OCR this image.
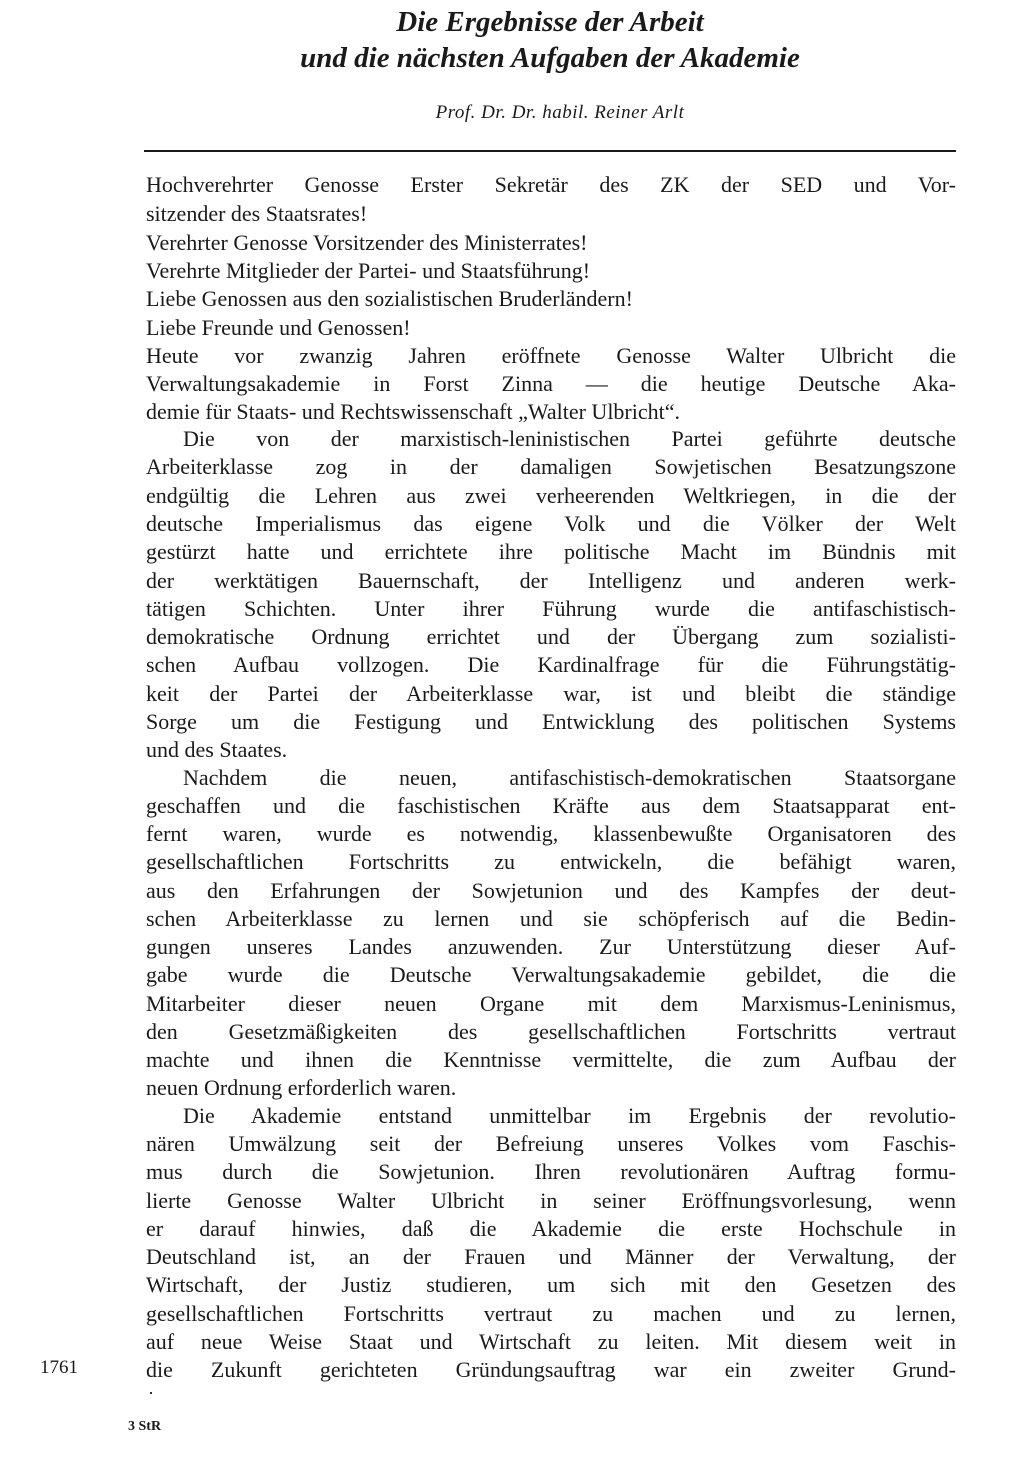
Die Ergebnisse der Arbeit
und die nächsten Aufgaben der Akademie
Prof. Dr. Dr. habil. Reiner Arlt

Hochverehrter Genosse Erster Sekretär des ZK der SED und Vor-

sitzender des Staatsrates!

Verehrter Genosse Vorsitzender des Ministerrates!

Verehrte Mitglieder der Partei- und Staatsführung!

Liebe Genossen aus den sozialistischen Bruderländern!

Liebe Freunde und Genossen!

Heute vor zwanzig Jahren eröffnete Genosse Walter Ulbricht die

Verwaltungsakademie in Forst Zinna — die heutige Deutsche Aka-

demie für Staats- und Rechtswissenschaft „Walter Ulbricht“.

Die von der marxistisch-leninistischen Partei geführte deutsche

Arbeiterklasse zog in der damaligen Sowjetischen Besatzungszone

endgültig die Lehren aus zwei verheerenden Weltkriegen, in die der

deutsche Imperialismus das eigene Volk und die Völker der Welt

gestürzt hatte und errichtete ihre politische Macht im Bündnis mit

der werktätigen Bauernschaft, der Intelligenz und anderen werk-

tätigen Schichten. Unter ihrer Führung wurde die antifaschistisch-

demokratische Ordnung errichtet und der Übergang zum sozialisti-

schen Aufbau vollzogen. Die Kardinalfrage für die Führungstätig-

keit der Partei der Arbeiterklasse war, ist und bleibt die ständige

Sorge um die Festigung und Entwicklung des politischen Systems

und des Staates.

Nachdem die neuen, antifaschistisch-demokratischen Staatsorgane

geschaffen und die faschistischen Kräfte aus dem Staatsapparat ent-

fernt waren, wurde es notwendig, klassenbewußte Organisatoren des

gesellschaftlichen Fortschritts zu entwickeln, die befähigt waren,

aus den Erfahrungen der Sowjetunion und des Kampfes der deut-

schen Arbeiterklasse zu lernen und sie schöpferisch auf die Bedin-

gungen unseres Landes anzuwenden. Zur Unterstützung dieser Auf-

gabe wurde die Deutsche Verwaltungsakademie gebildet, die die

Mitarbeiter dieser neuen Organe mit dem Marxismus-Leninismus,

den Gesetzmäßigkeiten des gesellschaftlichen Fortschritts vertraut

machte und ihnen die Kenntnisse vermittelte, die zum Aufbau der

neuen Ordnung erforderlich waren.

Die Akademie entstand unmittelbar im Ergebnis der revolutio-

nären Umwälzung seit der Befreiung unseres Volkes vom Faschis-

mus durch die Sowjetunion. Ihren revolutionären Auftrag formu-

lierte Genosse Walter Ulbricht in seiner Eröffnungsvorlesung, wenn

er darauf hinwies, daß die Akademie die erste Hochschule in

Deutschland ist, an der Frauen und Männer der Verwaltung, der

Wirtschaft, der Justiz studieren, um sich mit den Gesetzen des

gesellschaftlichen Fortschritts vertraut zu machen und zu lernen,

auf neue Weise Staat und Wirtschaft zu leiten. Mit diesem weit in

die Zukunft gerichteten Gründungsauftrag war ein zweiter Grund-

1761
3 StR
